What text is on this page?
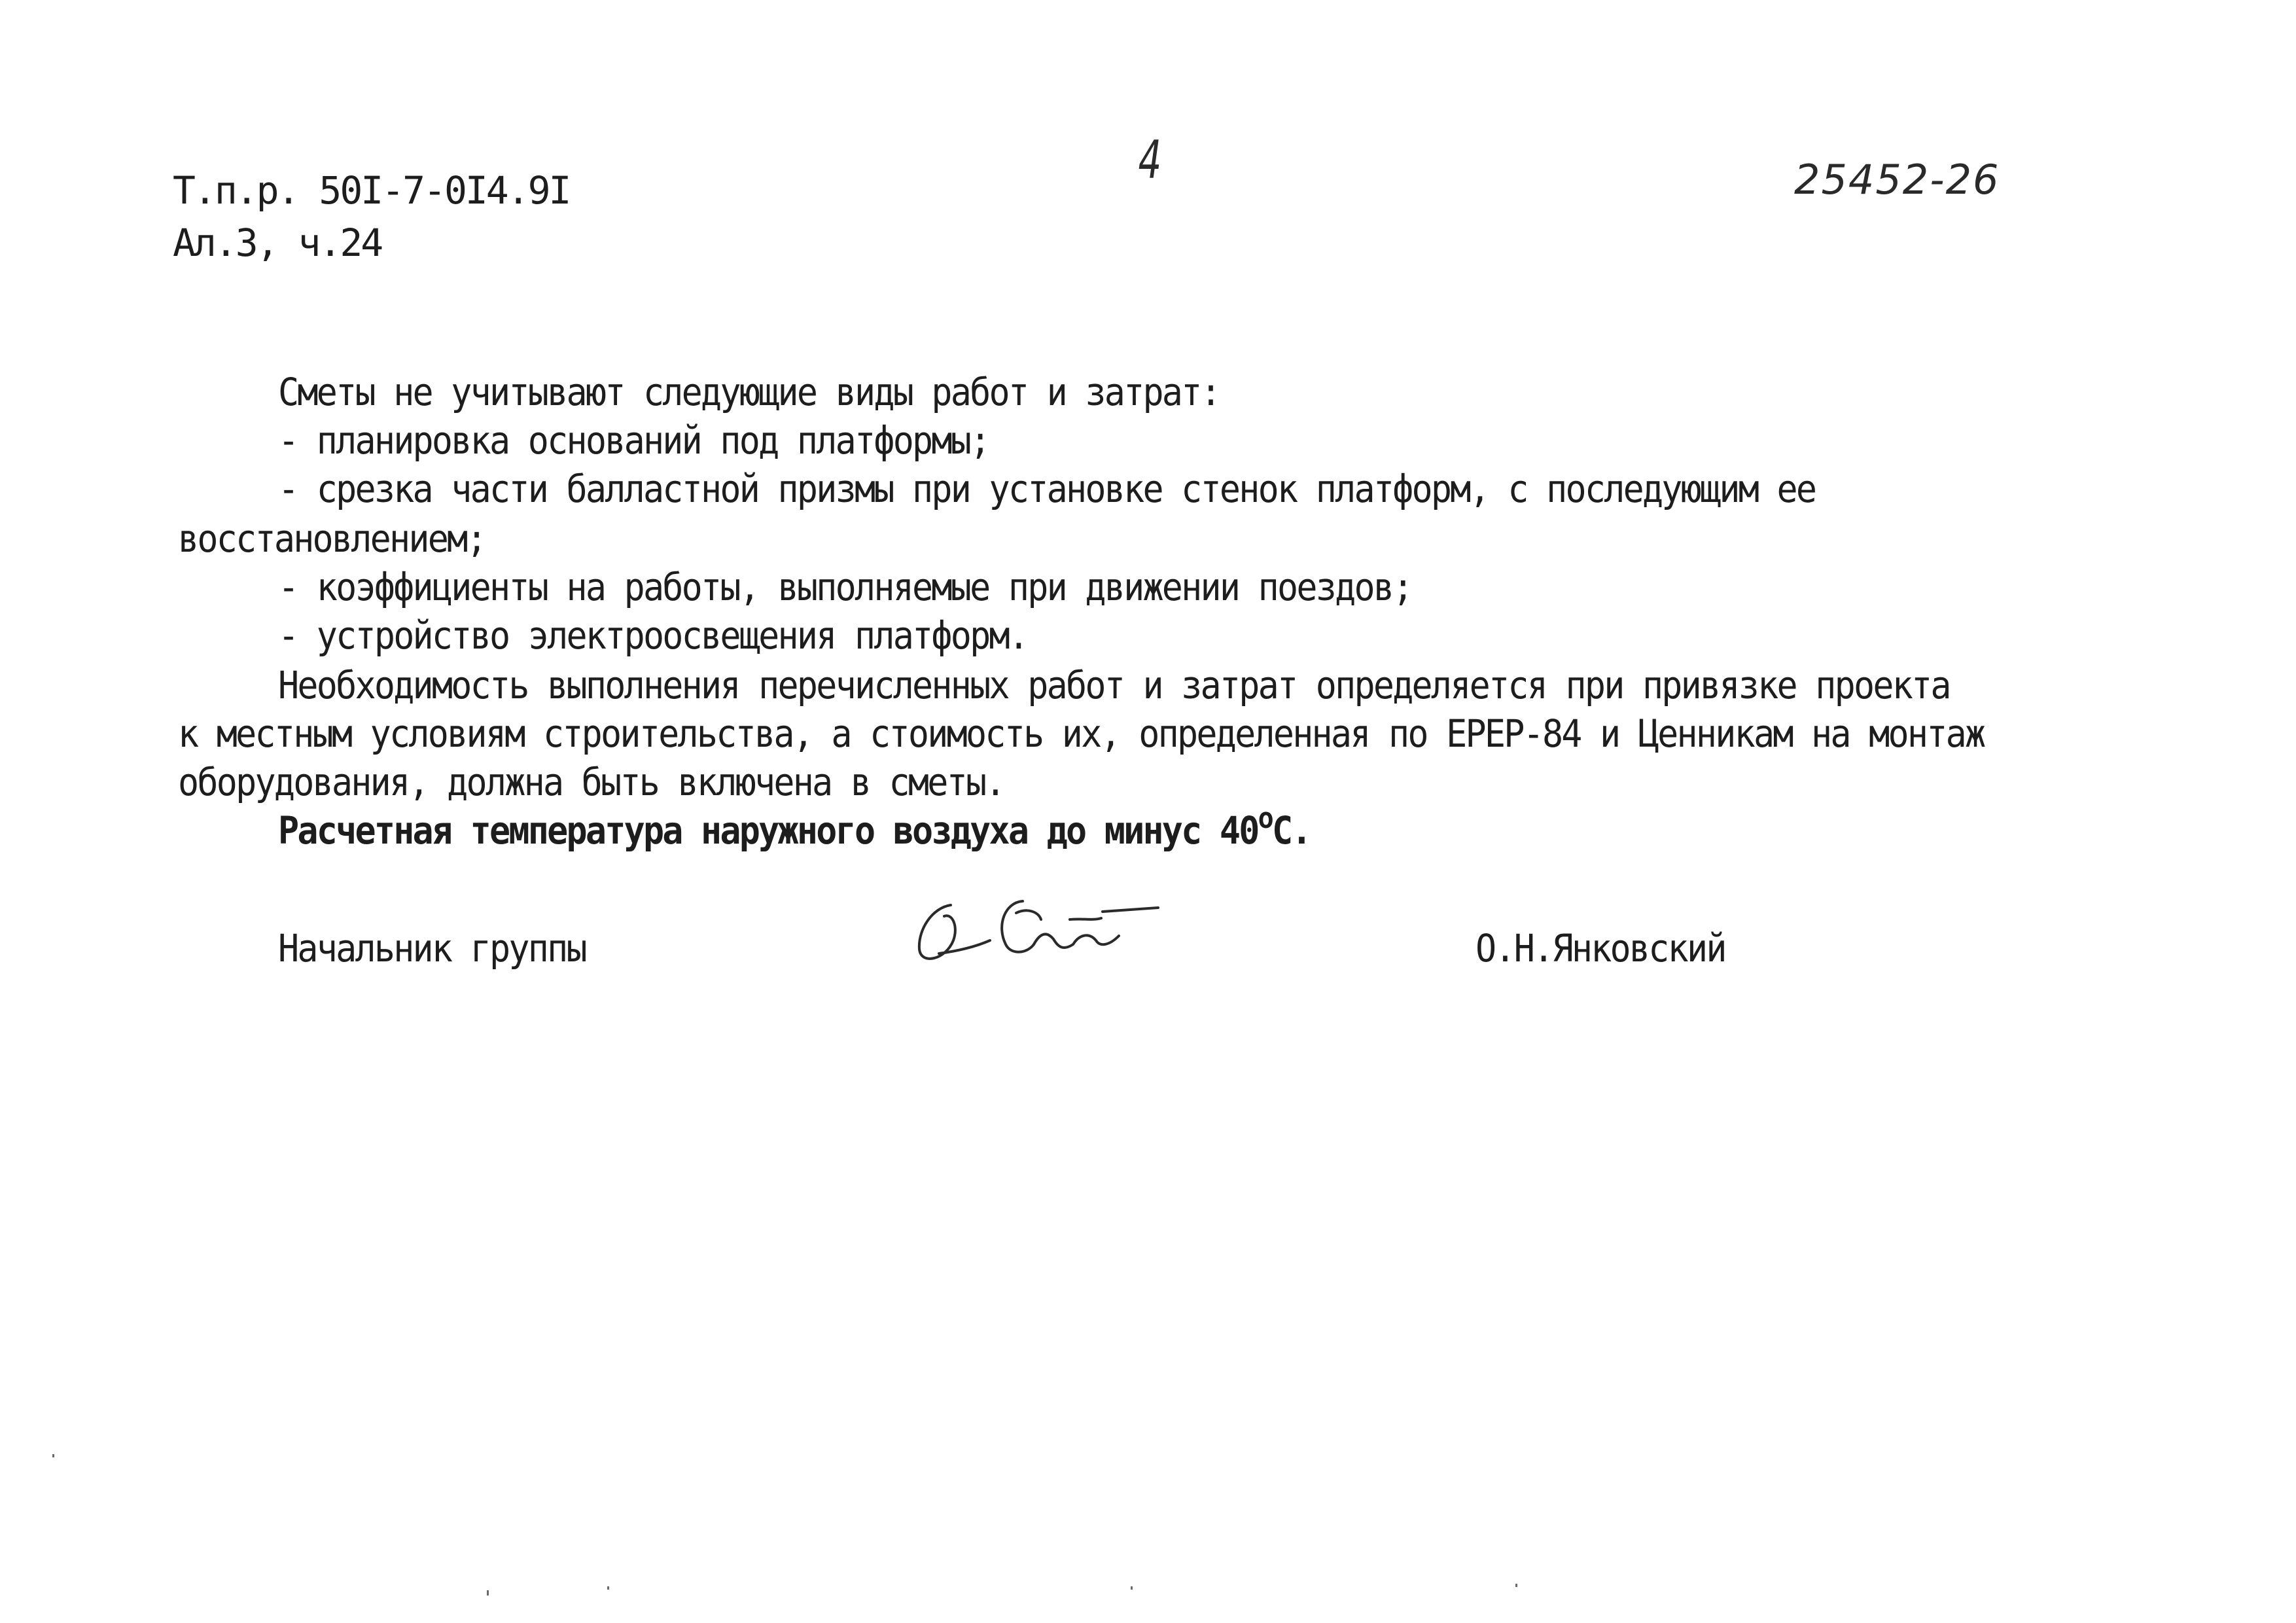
Т.п.р. 50I-7-0I4.9I
Ал.3, ч.24
4	25452-26
Сметы не учитывают следующие виды работ и затрат:
- планировка оснований под платформы;
- срезка части балластной призмы при установке стенок платформ, с последующим ее
восстановлением;
- коэффициенты на работы, выполняемые при движении поездов;
- устройство электроосвещения платформ.
Необходимость выполнения перечисленных работ и затрат определяется при привязке проекта
к местным условиям строительства, а стоимость их, определенная по ЕРЕР-84 и Ценникам на монтаж
оборудования, должна быть включена в сметы.
Расчетная температура наружного воздуха до минус 40$^o$С.
Начальник группы	О.Н.Янковский
